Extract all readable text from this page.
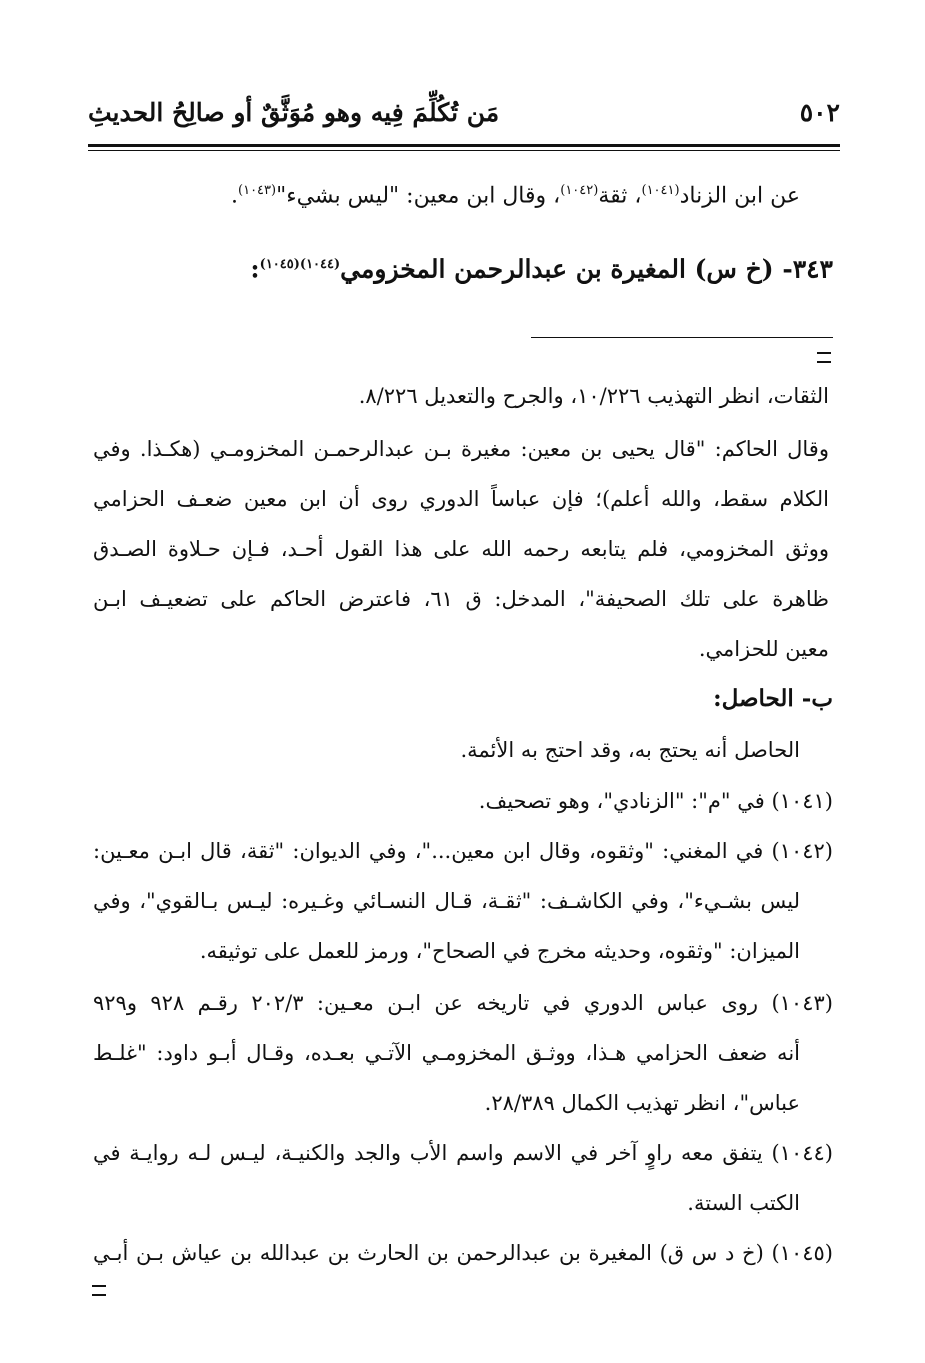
٥٠٢
مَن تُكُلِّمَ فِيه وهو مُوَثَّقٌ أو صالِحُ الحديثِ
عن ابن الزناد$^{(١٠٤١)}$، ثقة$^{(١٠٤٢)}$، وقال ابن معين: "ليس بشيء"$^{(١٠٤٣)}$.
٣٤٣- (خ س) المغيرة بن عبدالرحمن المخزومي$^{(١٠٤٤)(١٠٤٥)}$:
الثقات، انظر التهذيب ١٠/٢٢٦، والجرح والتعديل ٨/٢٢٦.
وقال الحاكم: "قال يحيى بن معين: مغيرة بـن عبدالرحمـن المخزومـي (هكـذا. وفي
الكلام سقط، والله أعلم)؛ فإن عباساً الدوري روى أن ابن معين ضعـف الحزامي
ووثق المخزومي، فلم يتابعه رحمه الله على هذا القول أحـد، فـإن حـلاوة الصـدق
ظاهرة على تلك الصحيفة"، المدخل: ق ٦١، فاعترض الحاكم على تضعيـف ابـن
معين للحزامي.
ب- الحاصل:
الحاصل أنه يحتج به، وقد احتج به الأئمة.
(١٠٤١) في "م": "الزنادي"، وهو تصحيف.
(١٠٤٢) في المغني: "وثقوه، وقال ابن معين..."، وفي الديوان: "ثقة، قال ابـن معـين:
ليس بشـيء"، وفي الكاشـف: "ثقـة، قـال النسـائي وغـيره: ليـس بـالقوي"، وفي
الميزان: "وثقوه، وحديثه مخرج في الصحاح"، ورمز للعمل على توثيقه.
(١٠٤٣) روى عباس الدوري في تاريخه عن ابـن معـين: ٢٠٢/٣ رقـم ٩٢٨ و٩٢٩
أنه ضعف الحزامي هـذا، ووثـق المخزومـي الآتـي بعـده، وقـال أبـو داود: "غلـط
عباس"، انظر تهذيب الكمال ٢٨/٣٨٩.
(١٠٤٤) يتفق معه راوٍ آخر في الاسم واسم الأب والجد والكنيـة، ليـس لـه روايـة في
الكتب الستة.
(١٠٤٥) (خ د س ق) المغيرة بن عبدالرحمن بن الحارث بن عبدالله بن عياش بـن أبـي
